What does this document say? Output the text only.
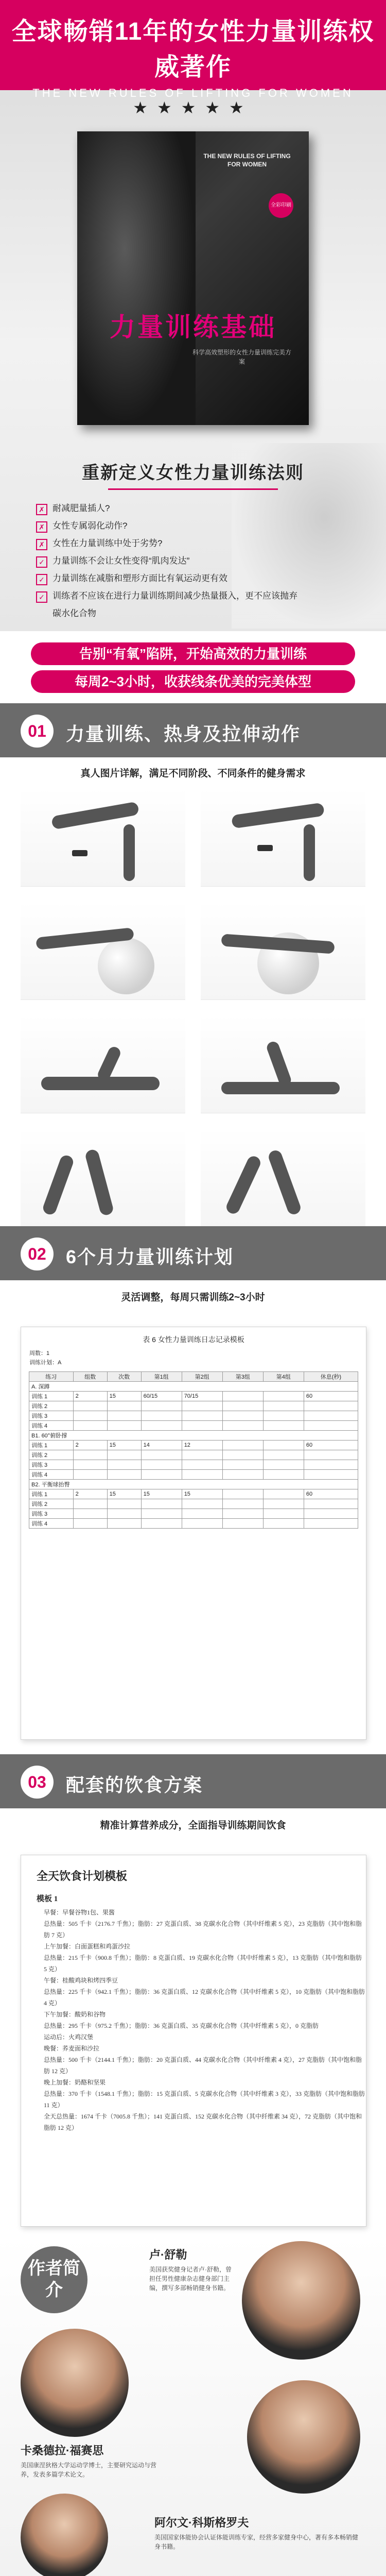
全球畅销11年的女性力量训练权威著作
THE NEW RULES OF LIFTING FOR WOMEN
★★★★★
THE NEW RULES OF LIFTING FOR WOMEN
全彩印刷
力量训练基础
科学高效塑形的女性力量训练完美方案
重新定义女性力量训练法则
✗ 耐减肥量插人?
✗ 女性专属弱化动作?
✗ 女性在力量训练中处于劣势?
✓ 力量训练不会让女性变得“肌肉发达”
✓ 力量训练在减脂和塑形方面比有氧运动更有效
✓ 训练者不应该在进行力量训练期间减少热量摄入，更不应该抛弃碳水化合物
告别“有氧”陷阱，开始高效的力量训练
每周2~3小时，收获线条优美的完美体型
01	力量训练、热身及拉伸动作
真人图片详解，满足不同阶段、不同条件的健身需求
02	6个月力量训练计划
灵活调整，每周只需训练2~3小时
表 6 女性力量训练日志记录模板
周数：1
训练计划：A
练习	组数	次数	第1组	第2组	第3组	第4组	休息(秒)
A. 深蹲							
训练 1	2	15	60/15	70/15			60
训练 2							
训练 3							
训练 4							
B1. 60°俯卧撑							
训练 1	2	15	14	12			60
训练 2							
训练 3							
训练 4							
B2. 平衡球抬臀							
训练 1	2	15	15	15			60
训练 2							
训练 3							
训练 4							
03	配套的饮食方案
精准计算营养成分，全面指导训练期间饮食
全天饮食计划模板
模板 1
早餐：早餐谷物1包、果酱
总热量：505 千卡（2176.7 千焦）；脂肪：27 克蛋白质、38 克碳水化合物（其中纤维素 5 克），23 克脂肪（其中饱和脂肪 7 克）
上午加餐：白面蛋糕和鸡蛋沙拉
总热量：215 千卡（900.8 千焦）；脂肪：8 克蛋白质、19 克碳水化合物（其中纤维素 5 克），13 克脂肪（其中饱和脂肪 5 克）
午餐：桂酸鸡块和烤四季豆
总热量：225 千卡（942.1 千焦）；脂肪：36 克蛋白质、12 克碳水化合物（其中纤维素 5 克），10 克脂肪（其中饱和脂肪 4 克）
下午加餐：酸奶和谷物
总热量：295 千卡（975.2 千焦）；脂肪：36 克蛋白质、35 克碳水化合物（其中纤维素 5 克），0 克脂肪
运动后：火鸡汉堡
晚餐：荞麦面和沙拉
总热量：500 千卡（2144.1 千焦）；脂肪：20 克蛋白质、44 克碳水化合物（其中纤维素 4 克），27 克脂肪（其中饱和脂肪 12 克）
晚上加餐：奶酪和坚果
总热量：370 千卡（1548.1 千焦）；脂肪：15 克蛋白质、5 克碳水化合物（其中纤维素 3 克），33 克脂肪（其中饱和脂肪 11 克）
全天总热量：1674 千卡（7005.8 千焦）；141 克蛋白质、152 克碳水化合物（其中纤维素 34 克），72 克脂肪（其中饱和脂肪 12 克）
作者简介
卢·舒勒
美国获奖健身记者卢·舒勒，曾担任男性健康杂志健身部门主编，撰写多部畅销健身书籍。
卡桑德拉·福赛思
美国康涅狄格大学运动学博士，主要研究运动与营养，发表多篇学术论文。
阿尔文·科斯格罗夫
美国国家体能协会认证体能训练专家，经营多家健身中心，著有多本畅销健身书籍。
